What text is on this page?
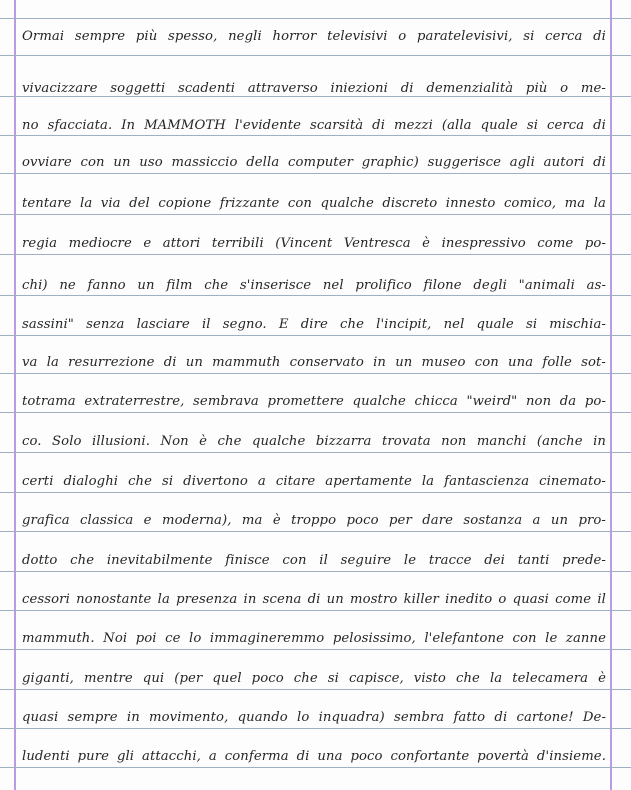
Ormai sempre più spesso, negli horror televisivi o paratelevisivi, si cerca di
vivacizzare soggetti scadenti attraverso iniezioni di demenzialità più o me-
no sfacciata. In MAMMOTH l'evidente scarsità di mezzi (alla quale si cerca di
ovviare con un uso massiccio della computer graphic) suggerisce agli autori di
tentare la via del copione frizzante con qualche discreto innesto comico, ma la
regia mediocre e attori terribili (Vincent Ventresca è inespressivo come po-
chi) ne fanno un film che s'inserisce nel prolifico filone degli "animali as-
sassini" senza lasciare il segno. E dire che l'incipit, nel quale si mischia-
va la resurrezione di un mammuth conservato in un museo con una folle sot-
totrama extraterrestre, sembrava promettere qualche chicca "weird" non da po-
co. Solo illusioni. Non è che qualche bizzarra trovata non manchi (anche in
certi dialoghi che si divertono a citare apertamente la fantascienza cinemato-
grafica classica e moderna), ma è troppo poco per dare sostanza a un pro-
dotto che inevitabilmente finisce con il seguire le tracce dei tanti prede-
cessori nonostante la presenza in scena di un mostro killer inedito o quasi come il
mammuth. Noi poi ce lo immagineremmo pelosissimo, l'elefantone con le zanne
giganti, mentre qui (per quel poco che si capisce, visto che la telecamera è
quasi sempre in movimento, quando lo inquadra) sembra fatto di cartone! De-
ludenti pure gli attacchi, a conferma di una poco confortante povertà d'insieme.
